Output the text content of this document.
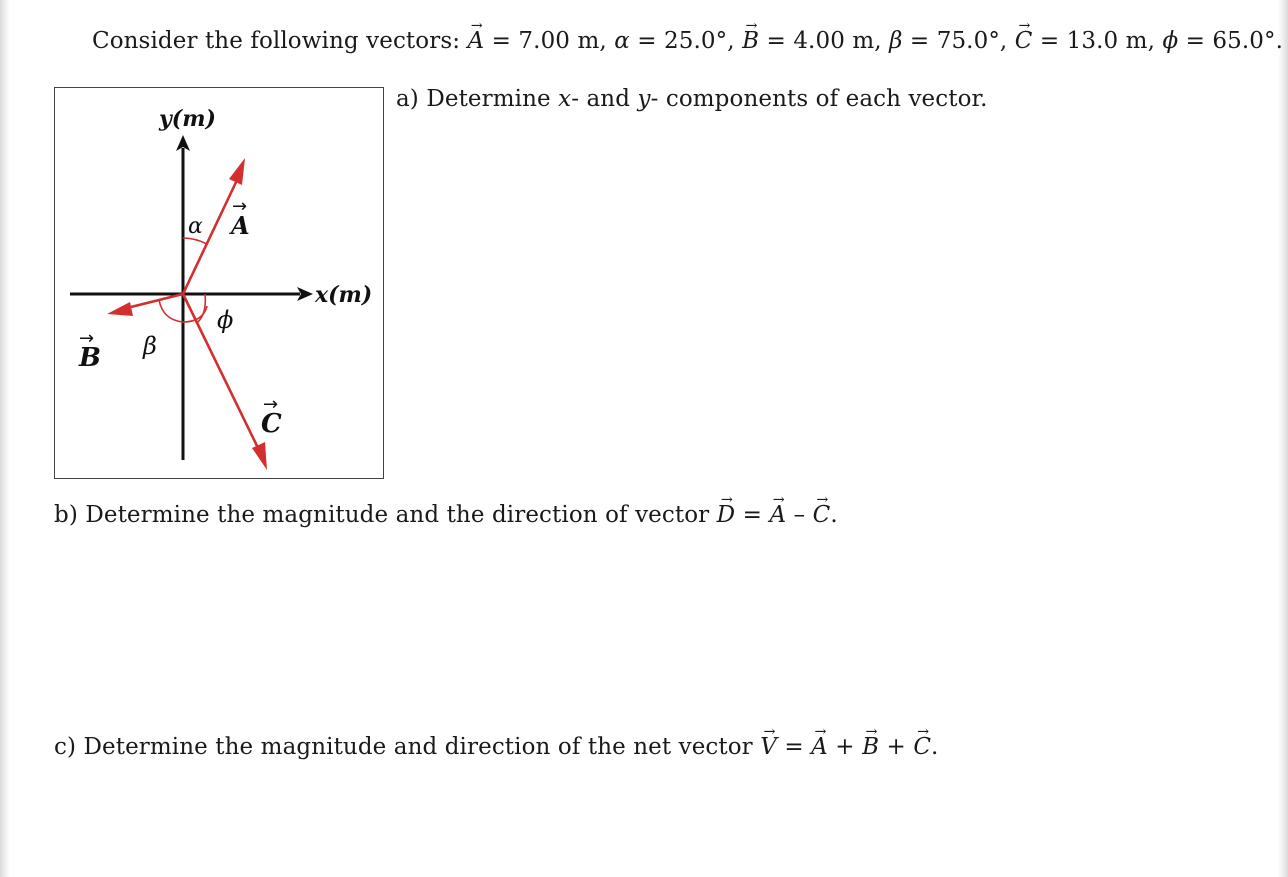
Consider the following vectors: → A = 7.00 m, α = 25.0°, → B = 4.00 m, β = 75.0°, → C = 13.0 m, ϕ = 65.0°.
y(m)
x(m)
α A
→
ϕ
B
→ β
C
→
a) Determine x- and y- components of each vector.
b) Determine the magnitude and the direction of vector → D = → A – → C.
c) Determine the magnitude and direction of the net vector → V = → A + → B + → C.
